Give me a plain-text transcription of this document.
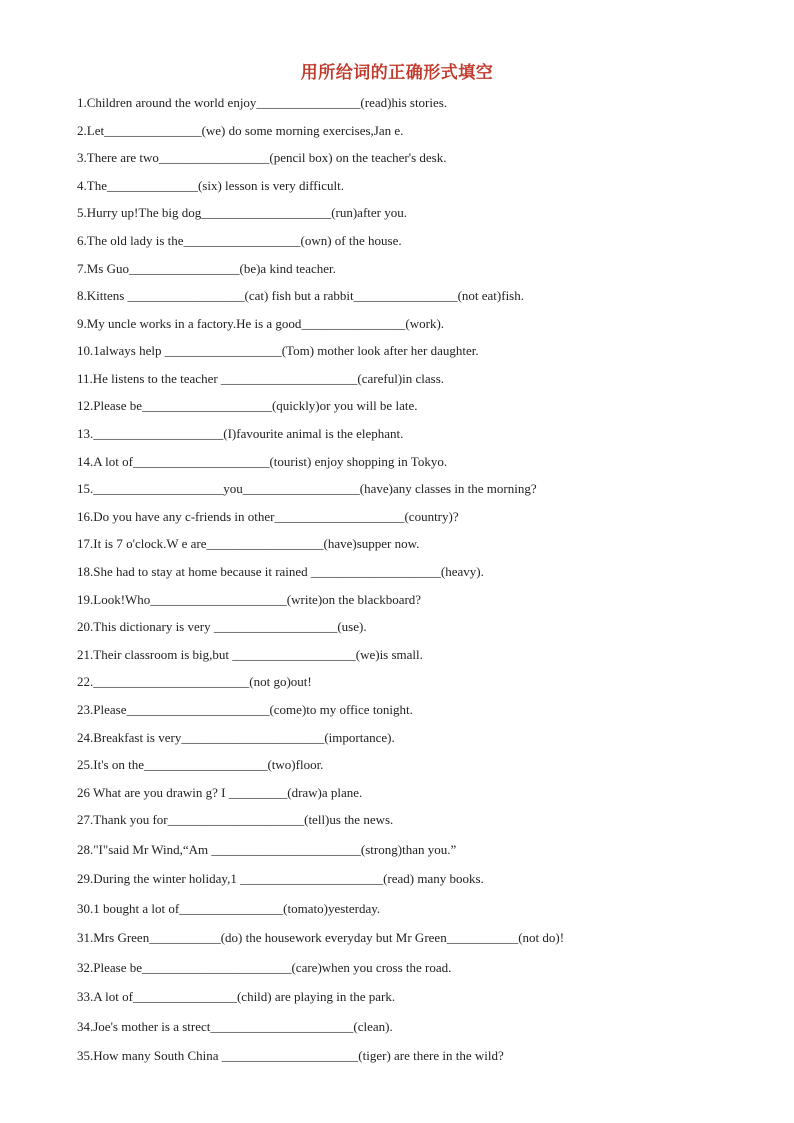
用所给词的正确形式填空
1.Children around the world enjoy________________(read)his stories.
2.Let_______________(we) do some morning exercises,Jan e.
3.There are two_________________(pencil box) on the teacher's desk.
4.The______________(six) lesson is very difficult.
5.Hurry up!The big dog____________________(run)after you.
6.The old lady is the__________________(own) of the house.
7.Ms Guo_________________(be)a kind teacher.
8.Kittens __________________(cat) fish but a rabbit________________(not eat)fish.
9.My uncle works in a factory.He is a good________________(work).
10.1always help __________________(Tom) mother look after her daughter.
11.He listens to the teacher _____________________(careful)in class.
12.Please be____________________(quickly)or you will be late.
13.____________________(I)favourite animal is the elephant.
14.A lot of_____________________(tourist) enjoy shopping in Tokyo.
15.____________________you__________________(have)any classes in the morning?
16.Do you have any c-friends in other____________________(country)?
17.It is 7 o'clock.W e are__________________(have)supper now.
18.She had to stay at home because it rained ____________________(heavy).
19.Look!Who_____________________(write)on the blackboard?
20.This dictionary is very ___________________(use).
21.Their classroom is big,but ___________________(we)is small.
22.________________________(not go)out!
23.Please______________________(come)to my office tonight.
24.Breakfast is very______________________(importance).
25.It's on the___________________(two)floor.
26 What are you drawin g? I _________(draw)a plane.
27.Thank you for_____________________(tell)us the news.
28."I"said Mr Wind,“Am _______________________(strong)than you.”
29.During the winter holiday,1 ______________________(read) many books.
30.1 bought a lot of________________(tomato)yesterday.
31.Mrs Green___________(do) the housework everyday but Mr Green___________(not do)!
32.Please be_______________________(care)when you cross the road.
33.A lot of________________(child) are playing in the park.
34.Joe's mother is a strect______________________(clean).
35.How many South China _____________________(tiger) are there in the wild?
